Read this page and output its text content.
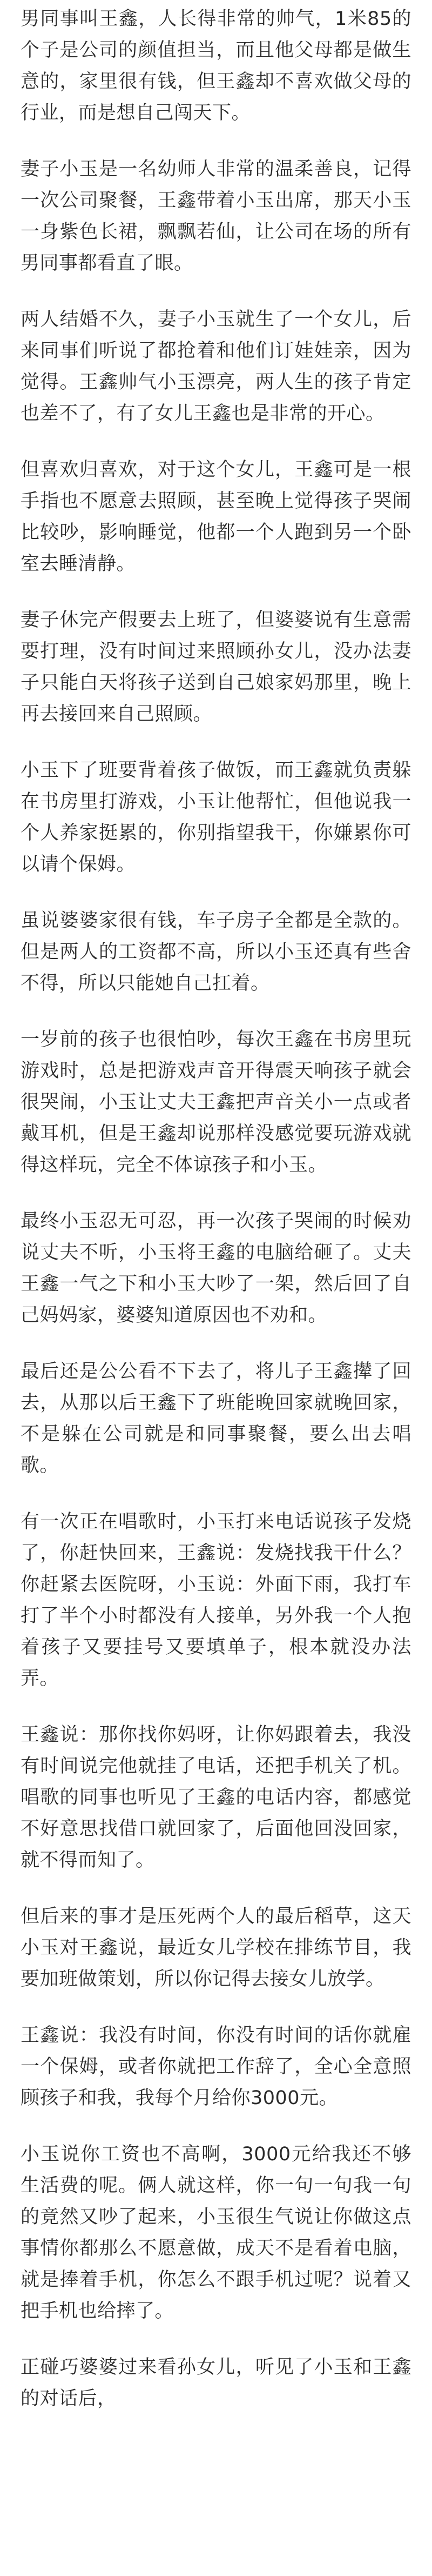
男同事叫王鑫，人长得非常的帅气，1米85的个子是公司的颜值担当，而且他父母都是做生意的，家里很有钱，但王鑫却不喜欢做父母的行业，而是想自己闯天下。

妻子小玉是一名幼师人非常的温柔善良，记得一次公司聚餐，王鑫带着小玉出席，那天小玉一身紫色长裙，飘飘若仙，让公司在场的所有男同事都看直了眼。

两人结婚不久，妻子小玉就生了一个女儿，后来同事们听说了都抢着和他们订娃娃亲，因为觉得。王鑫帅气小玉漂亮，两人生的孩子肯定也差不了，有了女儿王鑫也是非常的开心。

但喜欢归喜欢，对于这个女儿，王鑫可是一根手指也不愿意去照顾，甚至晚上觉得孩子哭闹比较吵，影响睡觉，他都一个人跑到另一个卧室去睡清静。

妻子休完产假要去上班了，但婆婆说有生意需要打理，没有时间过来照顾孙女儿，没办法妻子只能白天将孩子送到自己娘家妈那里，晚上再去接回来自己照顾。

小玉下了班要背着孩子做饭，而王鑫就负责躲在书房里打游戏，小玉让他帮忙，但他说我一个人养家挺累的，你别指望我干，你嫌累你可以请个保姆。

虽说婆婆家很有钱，车子房子全都是全款的。但是两人的工资都不高，所以小玉还真有些舍不得，所以只能她自己扛着。

一岁前的孩子也很怕吵，每次王鑫在书房里玩游戏时，总是把游戏声音开得震天响孩子就会很哭闹，小玉让丈夫王鑫把声音关小一点或者戴耳机，但是王鑫却说那样没感觉要玩游戏就得这样玩，完全不体谅孩子和小玉。

最终小玉忍无可忍，再一次孩子哭闹的时候劝说丈夫不听，小玉将王鑫的电脑给砸了。丈夫王鑫一气之下和小玉大吵了一架，然后回了自己妈妈家，婆婆知道原因也不劝和。

最后还是公公看不下去了，将儿子王鑫撵了回去，从那以后王鑫下了班能晚回家就晚回家，不是躲在公司就是和同事聚餐，要么出去唱歌。

有一次正在唱歌时，小玉打来电话说孩子发烧了，你赶快回来，王鑫说：发烧找我干什么？你赶紧去医院呀，小玉说：外面下雨，我打车打了半个小时都没有人接单，另外我一个人抱着孩子又要挂号又要填单子，根本就没办法弄。

王鑫说：那你找你妈呀，让你妈跟着去，我没有时间说完他就挂了电话，还把手机关了机。唱歌的同事也听见了王鑫的电话内容，都感觉不好意思找借口就回家了，后面他回没回家，就不得而知了。

但后来的事才是压死两个人的最后稻草，这天小玉对王鑫说，最近女儿学校在排练节目，我要加班做策划，所以你记得去接女儿放学。

王鑫说：我没有时间，你没有时间的话你就雇一个保姆，或者你就把工作辞了，全心全意照顾孩子和我，我每个月给你3000元。

小玉说你工资也不高啊，3000元给我还不够生活费的呢。俩人就这样，你一句一句我一句的竟然又吵了起来，小玉很生气说让你做这点事情你都那么不愿意做，成天不是看着电脑，就是捧着手机，你怎么不跟手机过呢？说着又把手机也给摔了。

正碰巧婆婆过来看孙女儿，听见了小玉和王鑫的对话后，
